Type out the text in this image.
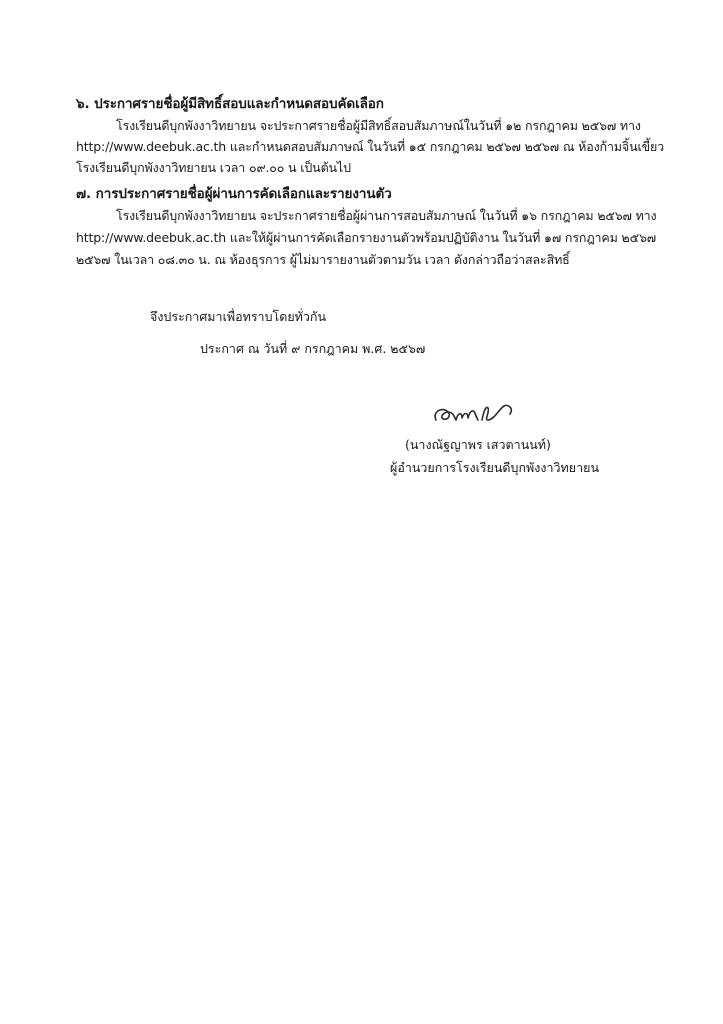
๖. ประกาศรายชื่อผู้มีสิทธิ์สอบและกำหนดสอบคัดเลือก
โรงเรียนดีบุกพังงาวิทยายน จะประกาศรายชื่อผู้มีสิทธิ์สอบสัมภาษณ์ในวันที่ ๑๒ กรกฎาคม ๒๕๖๗ ทาง
http://www.deebuk.ac.th และกำหนดสอบสัมภาษณ์ ในวันที่ ๑๕ กรกฎาคม ๒๕๖๗ ๒๕๖๗ ณ ห้องก้ามจิ้นเขี้ยว
โรงเรียนดีบุกพังงาวิทยายน เวลา ๐๙.๐๐ น เป็นต้นไป
๗. การประกาศรายชื่อผู้ผ่านการคัดเลือกและรายงานตัว
โรงเรียนดีบุกพังงาวิทยายน จะประกาศรายชื่อผู้ผ่านการสอบสัมภาษณ์ ในวันที่ ๑๖ กรกฎาคม ๒๕๖๗ ทาง
http://www.deebuk.ac.th และให้ผู้ผ่านการคัดเลือกรายงานตัวพร้อมปฏิบัติงาน ในวันที่ ๑๗ กรกฎาคม ๒๕๖๗
๒๕๖๗ ในเวลา ๐๘.๓๐ น. ณ ห้องธุรการ ผู้ไม่มารายงานตัวตามวัน เวลา ดังกล่าวถือว่าสละสิทธิ์
จึงประกาศมาเพื่อทราบโดยทั่วกัน
ประกาศ ณ วันที่ ๙ กรกฎาคม พ.ศ. ๒๕๖๗
(นางณัฐญาพร เสวตานนท์)
ผู้อำนวยการโรงเรียนดีบุกพังงาวิทยายน
